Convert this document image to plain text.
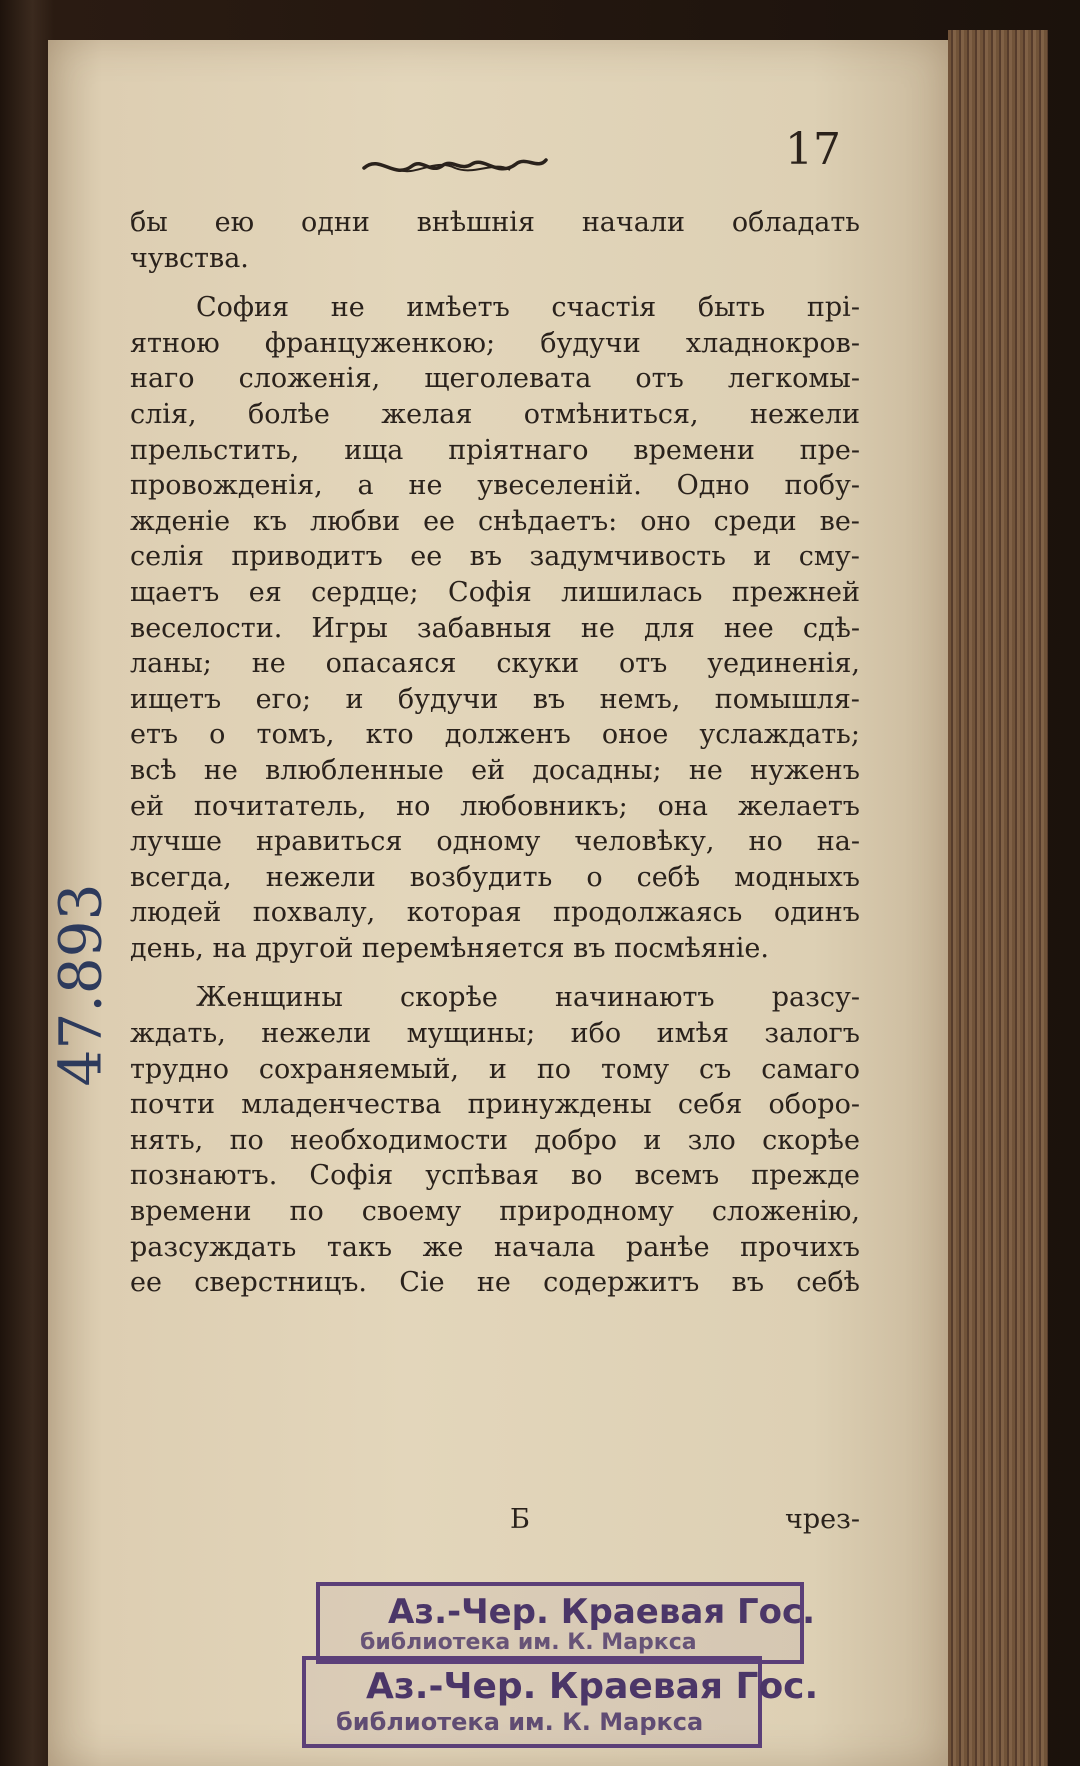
17
бы ею одни внѣшнія начали обладать
чувства.
София не имѣетъ счастія быть прі-
ятною француженкою; будучи хладнокров-
наго сложенія, щеголевата отъ легкомы-
слія, болѣе желая отмѣниться, нежели
прельстить, ища пріятнаго времени пре-
провожденія, а не увеселеній. Одно побу-
жденіе къ любви ее снѣдаетъ: оно среди ве-
селія приводитъ ее въ задумчивость и сму-
щаетъ ея сердце; Софія лишилась прежней
веселости. Игры забавныя не для нее сдѣ-
ланы; не опасаяся скуки отъ уединенія,
ищетъ его; и будучи въ немъ, помышля-
етъ о томъ, кто долженъ оное услаждать;
всѣ не влюбленные ей досадны; не нуженъ
ей почитатель, но любовникъ; она желаетъ
лучше нравиться одному человѣку, но на-
всегда, нежели возбудить о себѣ модныхъ
людей похвалу, которая продолжаясь одинъ
день, на другой перемѣняется въ посмѣяніе.
Женщины скорѣе начинаютъ разсу-
ждать, нежели мущины; ибо имѣя залогъ
трудно сохраняемый, и по тому съ самаго
почти младенчества принуждены себя оборо-
нять, по необходимости добро и зло скорѣе
познаютъ. Софія успѣвая во всемъ прежде
времени по своему природному сложенію,
разсуждать такъ же начала ранѣе прочихъ
ее сверстницъ. Сіе не содержитъ въ себѣ
Б	чрез-
47.893
Аз.-Чер. Краевая Гос.
библиотека им. К. Маркса
Аз.-Чер. Краевая Гос.
библиотека им. К. Маркса
